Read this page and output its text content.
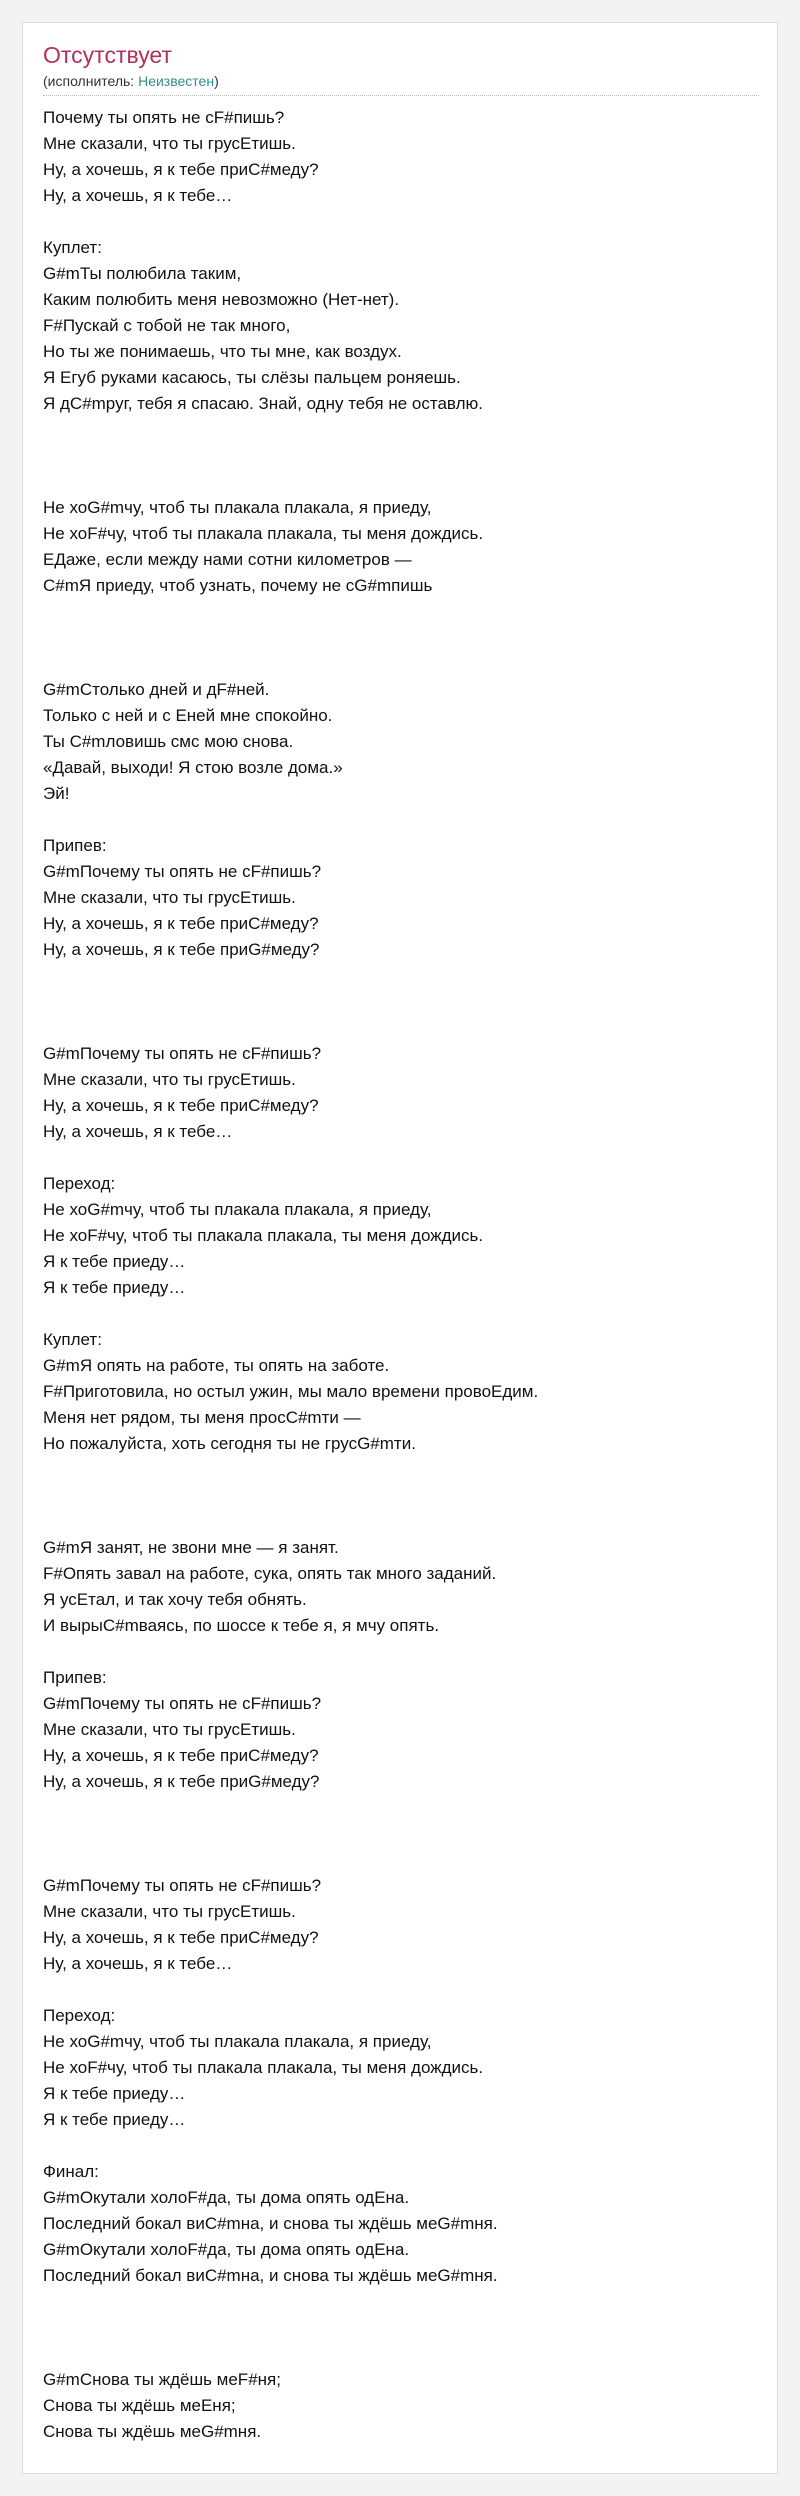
Отсутствует
(исполнитель: Неизвестен)
Почему ты опять не сF#пишь?
Мне сказали, что ты грусЕтишь.
Ну, а хочешь, я к тебе приС#меду?
Ну, а хочешь, я к тебе…
Куплет:
G#mТы полюбила таким,
Каким полюбить меня невозможно (Нет-нет).
F#Пускай с тобой не так много,
Но ты же понимаешь, что ты мне, как воздух.
Я Егуб руками касаюсь, ты слёзы пальцем роняешь.
Я дС#mруг, тебя я спасаю. Знай, одну тебя не оставлю.
Не хоG#mчу, чтоб ты плакала плакала, я приеду,
Не хоF#чу, чтоб ты плакала плакала, ты меня дождись.
ЕДаже, если между нами сотни километров —
С#mЯ приеду, чтоб узнать, почему не сG#mпишь
G#mСтолько дней и дF#ней.
Только с ней и с Еней мне спокойно.
Ты С#mловишь смс мою снова.
«Давай, выходи! Я стою возле дома.»
Эй!
Припев:
G#mПочему ты опять не сF#пишь?
Мне сказали, что ты грусЕтишь.
Ну, а хочешь, я к тебе приС#меду?
Ну, а хочешь, я к тебе приG#меду?
G#mПочему ты опять не сF#пишь?
Мне сказали, что ты грусЕтишь.
Ну, а хочешь, я к тебе приС#меду?
Ну, а хочешь, я к тебе…
Переход:
Не хоG#mчу, чтоб ты плакала плакала, я приеду,
Не хоF#чу, чтоб ты плакала плакала, ты меня дождись.
Я к тебе приеду…
Я к тебе приеду…
Куплет:
G#mЯ опять на работе, ты опять на заботе.
F#Приготовила, но остыл ужин, мы мало времени провоЕдим.
Меня нет рядом, ты меня просС#mти —
Но пожалуйста, хоть сегодня ты не грусG#mти.
G#mЯ занят, не звони мне — я занят.
F#Опять завал на работе, сука, опять так много заданий.
Я усЕтал, и так хочу тебя обнять.
И вырыС#mваясь, по шоссе к тебе я, я мчу опять.
Припев:
G#mПочему ты опять не сF#пишь?
Мне сказали, что ты грусЕтишь.
Ну, а хочешь, я к тебе приС#меду?
Ну, а хочешь, я к тебе приG#меду?
G#mПочему ты опять не сF#пишь?
Мне сказали, что ты грусЕтишь.
Ну, а хочешь, я к тебе приС#меду?
Ну, а хочешь, я к тебе…
Переход:
Не хоG#mчу, чтоб ты плакала плакала, я приеду,
Не хоF#чу, чтоб ты плакала плакала, ты меня дождись.
Я к тебе приеду…
Я к тебе приеду…
Финал:
G#mОкутали холоF#да, ты дома опять одЕна.
Последний бокал виС#mна, и снова ты ждёшь меG#mня.
G#mОкутали холоF#да, ты дома опять одЕна.
Последний бокал виС#mна, и снова ты ждёшь меG#mня.
G#mСнова ты ждёшь меF#ня;
Снова ты ждёшь меЕня;
Снова ты ждёшь меG#mня.
